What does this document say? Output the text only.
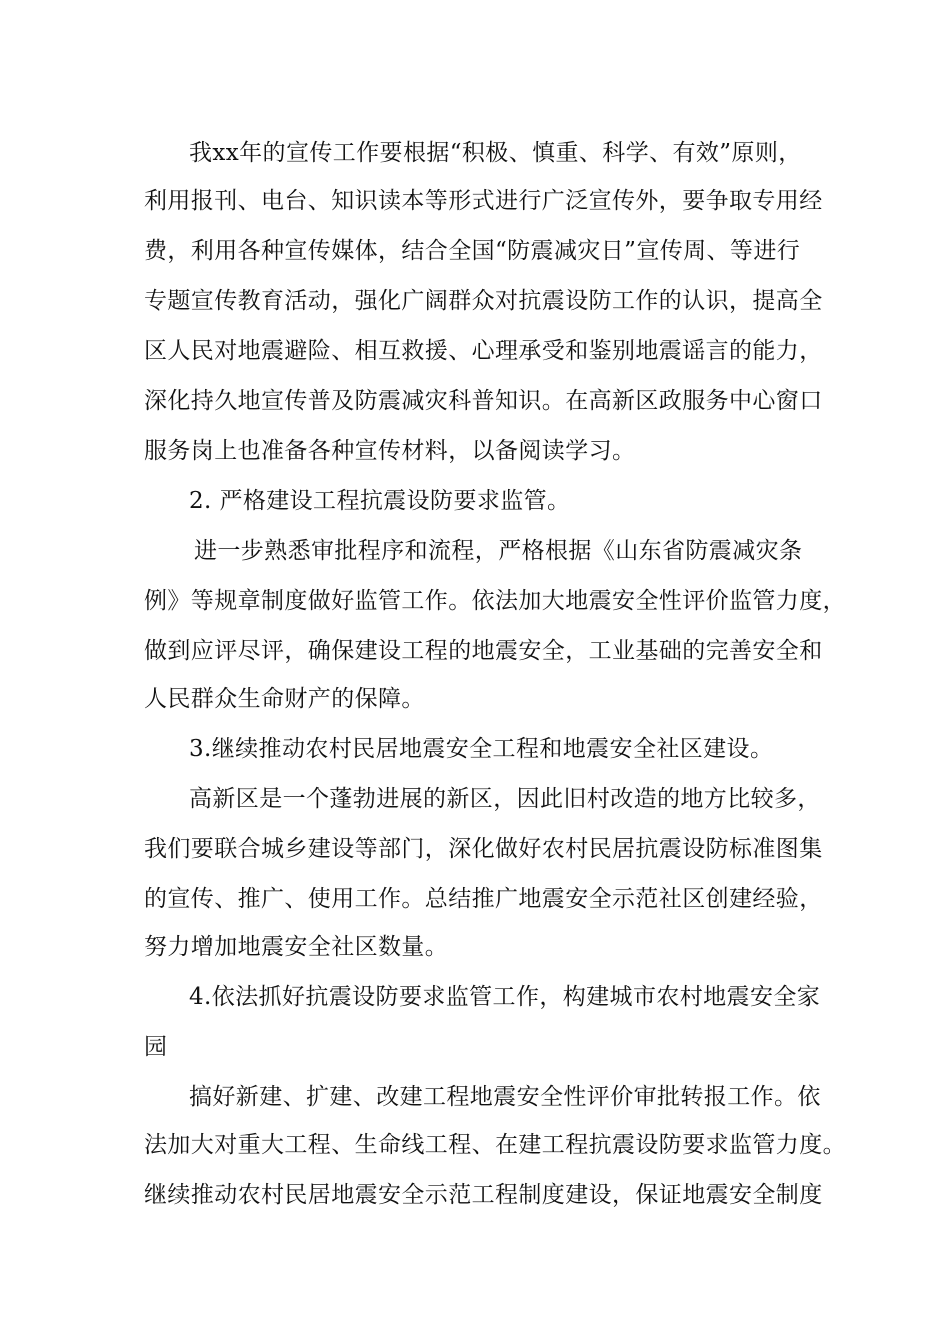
我xx年的宣传工作要根据“积极、慎重、科学、有效”原则，
利用报刊、电台、知识读本等形式进行广泛宣传外，要争取专用经
费，利用各种宣传媒体，结合全国“防震减灾日”宣传周、等进行
专题宣传教育活动，强化广阔群众对抗震设防工作的认识，提高全
区人民对地震避险、相互救援、心理承受和鉴别地震谣言的能力，
深化持久地宣传普及防震减灾科普知识。在高新区政服务中心窗口
服务岗上也准备各种宣传材料，以备阅读学习。
2. 严格建设工程抗震设防要求监管。
进一步熟悉审批程序和流程，严格根据《山东省防震减灾条
例》等规章制度做好监管工作。依法加大地震安全性评价监管力度，
做到应评尽评，确保建设工程的地震安全，工业基础的完善安全和
人民群众生命财产的保障。
3.继续推动农村民居地震安全工程和地震安全社区建设。
高新区是一个蓬勃进展的新区，因此旧村改造的地方比较多，
我们要联合城乡建设等部门，深化做好农村民居抗震设防标准图集
的宣传、推广、使用工作。总结推广地震安全示范社区创建经验，
努力增加地震安全社区数量。
4.依法抓好抗震设防要求监管工作，构建城市农村地震安全家
园
搞好新建、扩建、改建工程地震安全性评价审批转报工作。依
法加大对重大工程、生命线工程、在建工程抗震设防要求监管力度。
继续推动农村民居地震安全示范工程制度建设，保证地震安全制度
